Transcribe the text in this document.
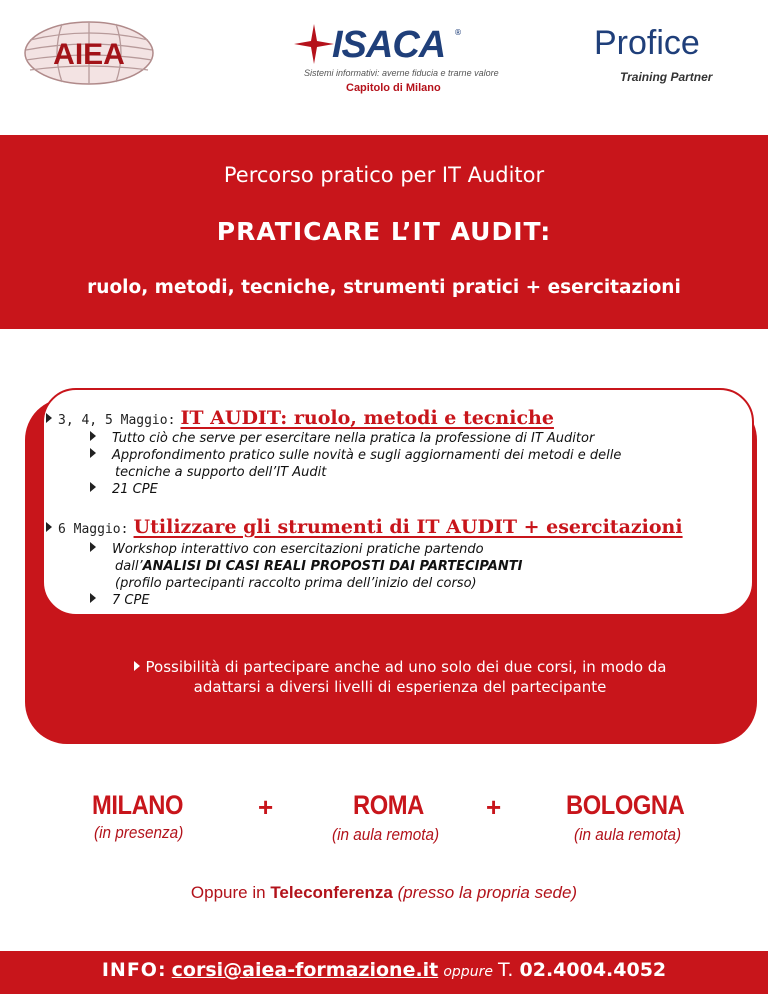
AIEA	ISACA ®
Sistemi informativi: averne fiducia e trarne valore
Capitolo di Milano
Profice
Training Partner
Percorso pratico per IT Auditor
PRATICARE L’IT AUDIT:
ruolo, metodi, tecniche, strumenti pratici + esercitazioni
3, 4, 5 Maggio: IT AUDIT: ruolo, metodi e tecniche
Tutto ciò che serve per esercitare nella pratica la professione di IT Auditor
Approfondimento pratico sulle novità e sugli aggiornamenti dei metodi e delle
tecniche a supporto dell’IT Audit
21 CPE
6 Maggio: Utilizzare gli strumenti di IT AUDIT + esercitazioni
Workshop interattivo con esercitazioni pratiche partendo
dall’ANALISI DI CASI REALI PROPOSTI DAI PARTECIPANTI
(profilo partecipanti raccolto prima dell’inizio del corso)
7 CPE
Possibilità di partecipare anche ad uno solo dei due corsi, in modo da
adattarsi a diversi livelli di esperienza del partecipante
MILANO
(in presenza)
+	ROMA
(in aula remota)
+ BOLOGNA
(in aula remota)
Oppure in Teleconferenza (presso la propria sede)
INFO: corsi@aiea-formazione.it oppure T. 02.4004.4052
